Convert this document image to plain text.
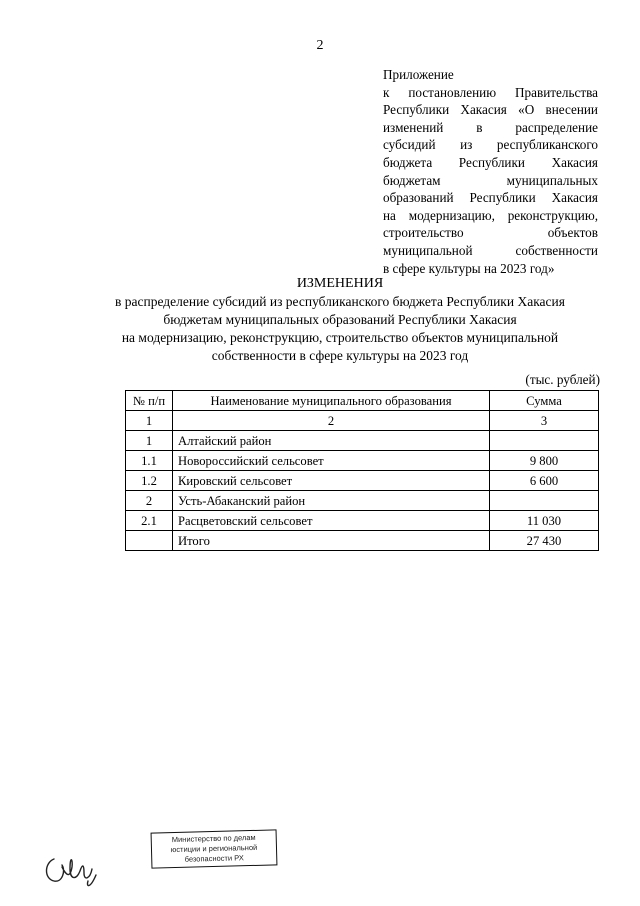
2
Приложение
к постановлению Правительства
Республики Хакасия «О внесении
изменений в распределение
субсидий из республиканского
бюджета Республики Хакасия
бюджетам муниципальных
образований Республики Хакасия
на модернизацию, реконструкцию,
строительство объектов
муниципальной собственности
в сфере культуры на 2023 год»
ИЗМЕНЕНИЯ
в распределение субсидий из республиканского бюджета Республики Хакасия
бюджетам муниципальных образований Республики Хакасия
на модернизацию, реконструкцию, строительство объектов муниципальной
собственности в сфере культуры на 2023 год
(тыс. рублей)
№ п/п	Наименование муниципального образования	Сумма
1	2	3
1	Алтайский район	
1.1	Новороссийский сельсовет	9 800
1.2	Кировский сельсовет	6 600
2	Усть-Абаканский район	
2.1	Расцветовский сельсовет	11 030
	Итого	27 430
Министерство по делам
юстиции и региональной
безопасности РХ
